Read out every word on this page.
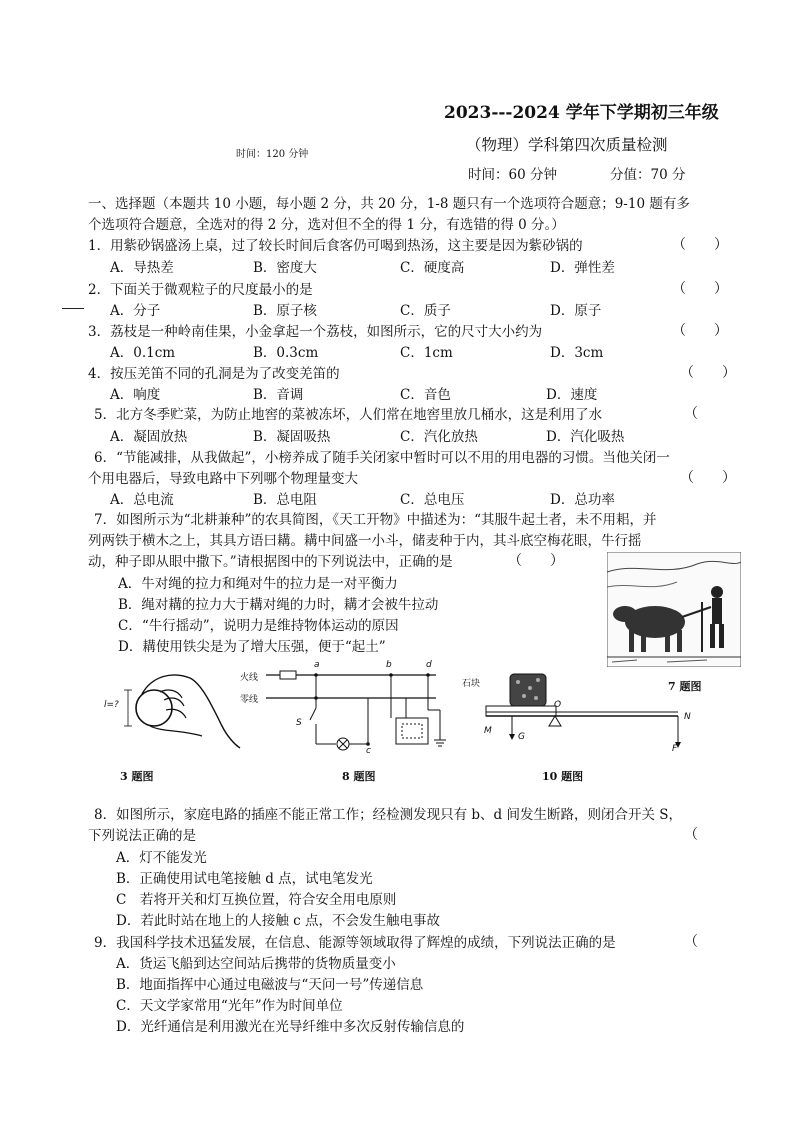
2023---2024 学年下学期初三年级
（物理）学科第四次质量检测
时间：120 分钟
时间：60 分钟	分值：70 分
一、选择题（本题共 10 小题，每小题 2 分，共 20 分，1-8 题只有一个选项符合题意；9-10 题有多
个选项符合题意，全选对的得 2 分，选对但不全的得 1 分，有选错的得 0 分。）
1．用紫砂锅盛汤上桌，过了较长时间后食客仍可喝到热汤，这主要是因为紫砂锅的	（　　）
A．导热差	B．密度大	C．硬度高	D．弹性差
2．下面关于微观粒子的尺度最小的是	（　　）
A．分子	B．原子核	C．质子	D．原子
3．荔枝是一种岭南佳果，小金拿起一个荔枝，如图所示，它的尺寸大小约为	（　　）
A．0.1cm	B．0.3cm	C．1cm	D．3cm
4．按压羌笛不同的孔洞是为了改变羌笛的	（　　）
A．响度	B．音调	C．音色	D．速度
5．北方冬季贮菜，为防止地窖的菜被冻坏，人们常在地窖里放几桶水，这是利用了水	（
A．凝固放热	B．凝固吸热	C．汽化放热	D．汽化吸热
6．“节能减排，从我做起”，小榜养成了随手关闭家中暂时可以不用的用电器的习惯。当他关闭一
个用电器后，导致电路中下列哪个物理量变大	（　　）
A．总电流	B．总电阻	C．总电压	D．总功率
7．如图所示为“北耕兼种”的农具简图，《天工开物》中描述为：“其服牛起土者，未不用耜，并
列两铁于横木之上，其具方语曰耩。耩中间盛一小斗，储麦种于内，其斗底空梅花眼，牛行摇
动，种子即从眼中撒下。”请根据图中的下列说法中，正确的是	（　　）
A．牛对绳的拉力和绳对牛的拉力是一对平衡力
B．绳对耩的拉力大于耩对绳的力时，耩才会被牛拉动
C．“牛行摇动”，说明力是维持物体运动的原因
D．耩使用铁尖是为了增大压强，便于“起土”
7 题图
l=?
3 题图
火线
零线
a	b	d
c
S
8 题图
石块
O
M
G
N
F
10 题图
8．如图所示，家庭电路的插座不能正常工作；经检测发现只有 b、d 间发生断路，则闭合开关 S，
下列说法正确的是	（
A．灯不能发光
B．正确使用试电笔接触 d 点，试电笔发光
C　若将开关和灯互换位置，符合安全用电原则
D．若此时站在地上的人接触 c 点，不会发生触电事故
9．我国科学技术迅猛发展，在信息、能源等领域取得了辉煌的成绩，下列说法正确的是	（
A．货运飞船到达空间站后携带的货物质量变小
B．地面指挥中心通过电磁波与“天问一号”传递信息
C．天文学家常用“光年”作为时间单位
D．光纤通信是利用激光在光导纤维中多次反射传输信息的
